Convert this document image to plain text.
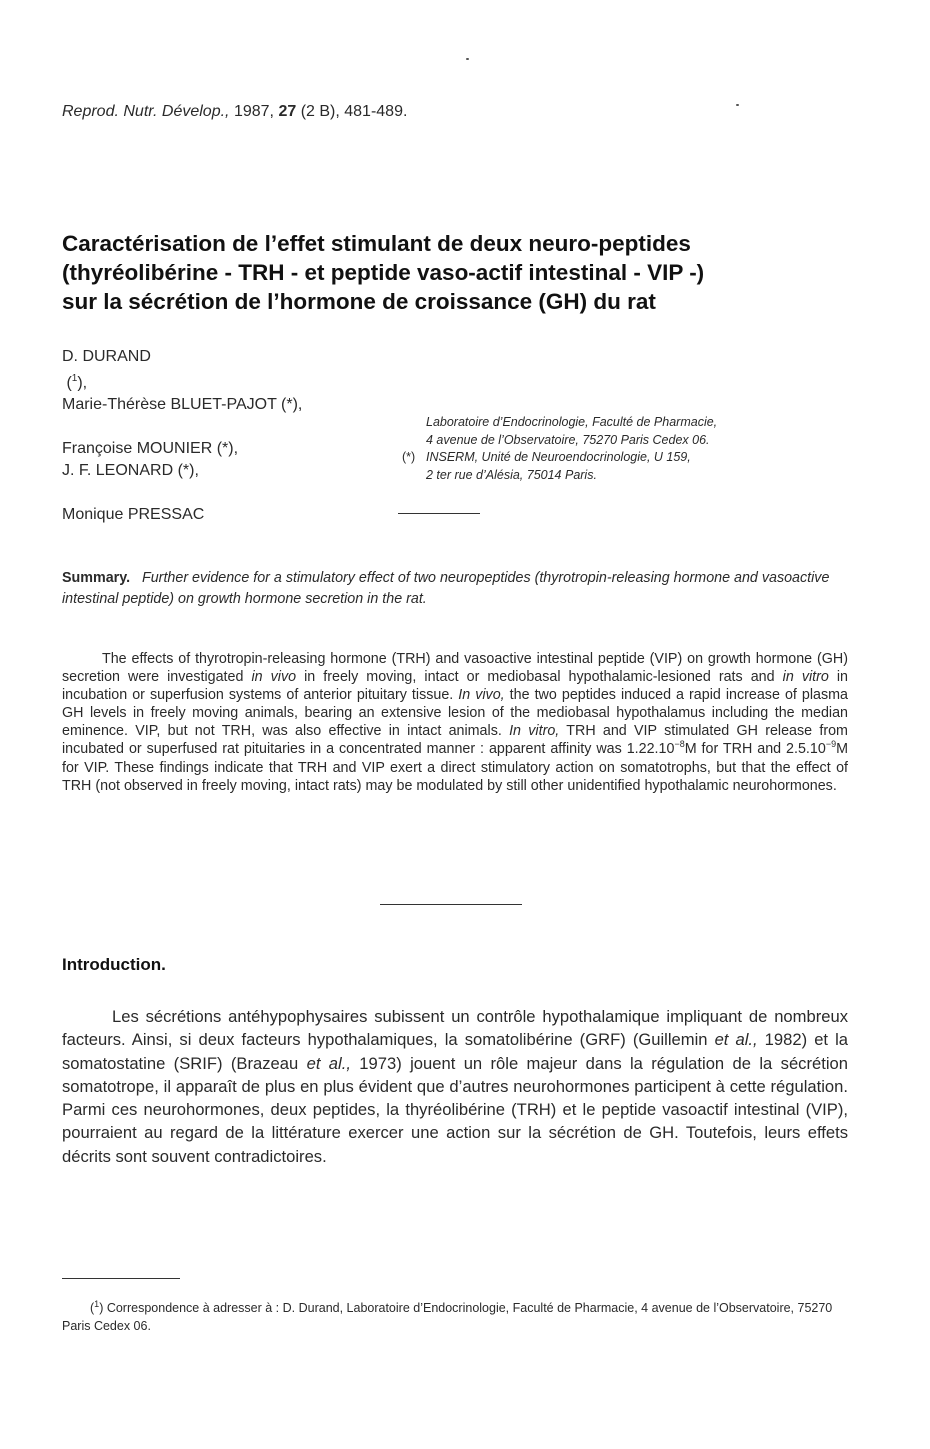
Reprod. Nutr. Dévelop., 1987, 27 (2 B), 481-489.
Caractérisation de l’effet stimulant de deux neuro-peptides
(thyréolibérine - TRH - et peptide vaso-actif intestinal - VIP -)
sur la sécrétion de l’hormone de croissance (GH) du rat
D. DURAND
($^1$),
Marie-Thérèse BLUET-PAJOT (*),

Françoise MOUNIER (*),
J. F. LEONARD (*),

Monique PRESSAC
Laboratoire d’Endocrinologie, Faculté de Pharmacie,
4 avenue de l’Observatoire, 75270 Paris Cedex 06.
(*) INSERM, Unité de Neuroendocrinologie, U 159,
2 ter rue d’Alésia, 75014 Paris.

Summary. Further evidence for a stimulatory effect of two neuropeptides (thyrotropin-releasing hormone and vasoactive intestinal peptide) on growth hormone secretion in the rat.

The effects of thyrotropin-releasing hormone (TRH) and vasoactive intestinal peptide (VIP) on growth hormone (GH) secretion were investigated in vivo in freely moving, intact or mediobasal hypothalamic-lesioned rats and in vitro in incubation or superfusion systems of anterior pituitary tissue. In vivo, the two peptides induced a rapid increase of plasma GH levels in freely moving animals, bearing an extensive lesion of the mediobasal hypothalamus including the median eminence. VIP, but not TRH, was also effective in intact animals. In vitro, TRH and VIP stimulated GH release from incubated or superfused rat pituitaries in a concentrated manner : apparent affinity was $1.22.10^{-8}M$ for TRH and $2.5.10^{-9}M$ for VIP. These findings indicate that TRH and VIP exert a direct stimulatory action on somatotrophs, but that the effect of TRH (not observed in freely moving, intact rats) may be modulated by still other unidentified hypothalamic neurohormones.

Introduction.

Les sécrétions antéhypophysaires subissent un contrôle hypothalamique impliquant de nombreux facteurs. Ainsi, si deux facteurs hypothalamiques, la somatolibérine (GRF) (Guillemin et al., 1982) et la somatostatine (SRIF) (Brazeau et al., 1973) jouent un rôle majeur dans la régulation de la sécrétion somatotrope, il apparaît de plus en plus évident que d’autres neurohormones participent à cette régulation. Parmi ces neurohormones, deux peptides, la thyréolibérine (TRH) et le peptide vasoactif intestinal (VIP), pourraient au regard de la littérature exercer une action sur la sécrétion de GH. Toutefois, leurs effets décrits sont souvent contradictoires.

($^1$) Correspondence à adresser à : D. Durand, Laboratoire d’Endocrinologie, Faculté de Pharmacie, 4 avenue de l’Observatoire, 75270 Paris Cedex 06.
